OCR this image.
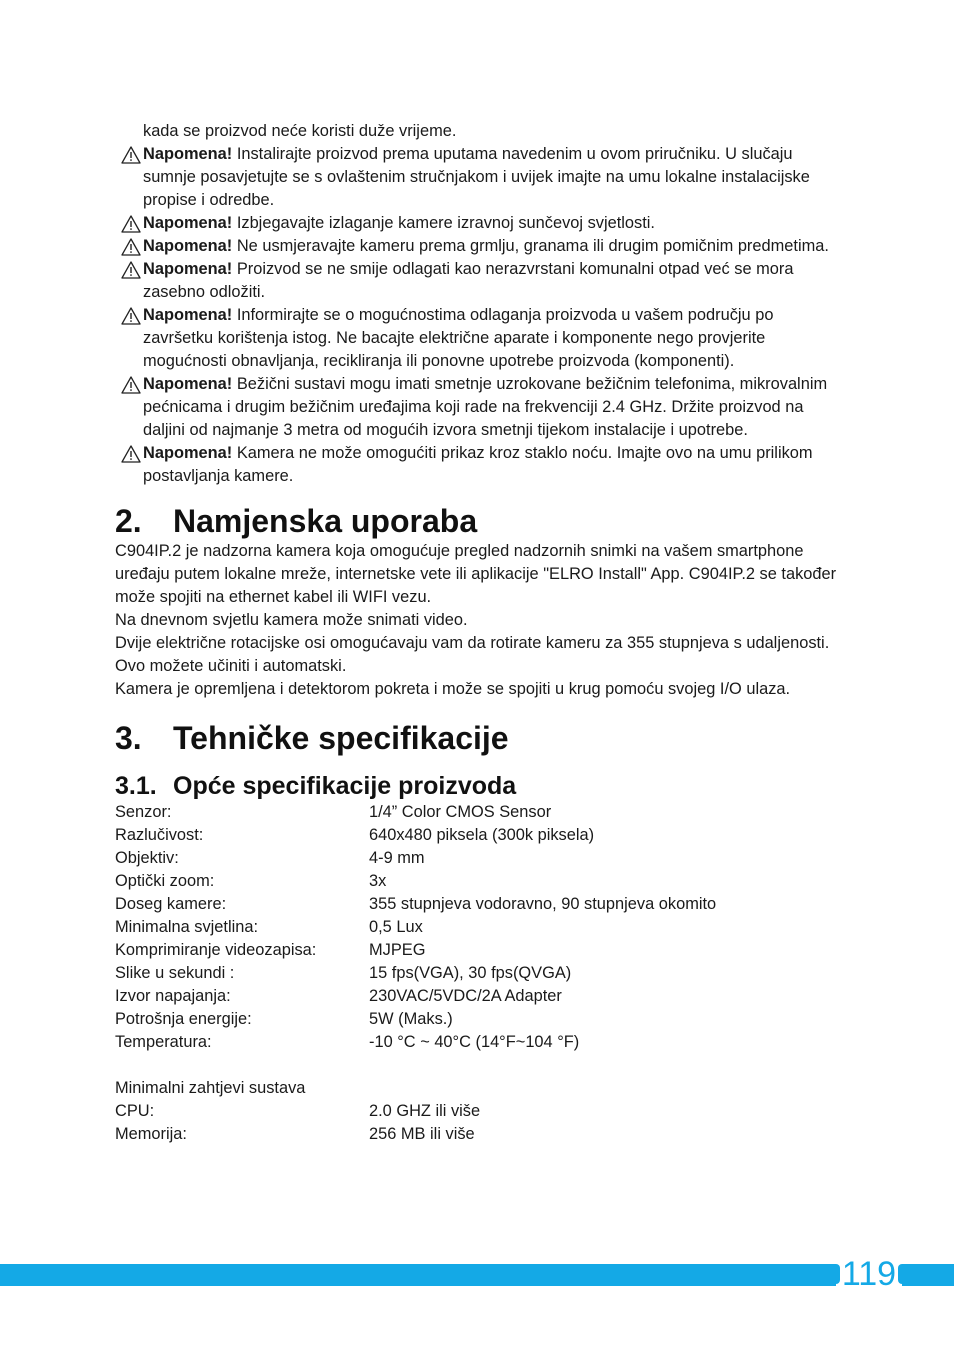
kada se proizvod neće koristi duže vrijeme.
Napomena! Instalirajte proizvod prema uputama navedenim u ovom priručniku. U slučaju sumnje posavjetujte se s ovlaštenim stručnjakom i uvijek imajte na umu lokalne instalacijske propise i odredbe.
Napomena! Izbjegavajte izlaganje kamere izravnoj sunčevoj svjetlosti.
Napomena! Ne usmjeravajte kameru prema grmlju, granama ili drugim pomičnim predmetima.
Napomena! Proizvod se ne smije odlagati kao nerazvrstani komunalni otpad već se mora zasebno odložiti.
Napomena! Informirajte se o mogućnostima odlaganja proizvoda u vašem području po završetku korištenja istog. Ne bacajte električne aparate i komponente nego provjerite mogućnosti obnavljanja, recikliranja ili ponovne upotrebe proizvoda (komponenti).
Napomena! Bežični sustavi mogu imati smetnje uzrokovane bežičnim telefonima, mikrovalnim pećnicama i drugim bežičnim uređajima koji rade na frekvenciji 2.4 GHz. Držite proizvod na daljini od najmanje 3 metra od mogućih izvora smetnji tijekom instalacije i upotrebe.
Napomena! Kamera ne može omogućiti prikaz kroz staklo noću. Imajte ovo na umu prilikom postavljanja kamere.
2. Namjenska uporaba

C904IP.2 je nadzorna kamera koja omogućuje pregled nadzornih snimki na vašem smartphone uređaju putem lokalne mreže, internetske vete ili aplikacije "ELRO Install" App. C904IP.2 se također može spojiti na ethernet kabel ili WIFI vezu.

Na dnevnom svjetlu kamera može snimati video.

Dvije električne rotacijske osi omogućavaju vam da rotirate kameru za 355 stupnjeva s udaljenosti. Ovo možete učiniti i automatski.

Kamera je opremljena i detektorom pokreta i može se spojiti u krug pomoću svojeg I/O ulaza.

3. Tehničke specifikacije
3.1. Opće specifikacije proizvoda
Senzor:	1/4” Color CMOS Sensor
Razlučivost:	640x480 piksela (300k piksela)
Objektiv:	4-9 mm
Optički zoom:	3x
Doseg kamere:	355 stupnjeva vodoravno, 90 stupnjeva okomito
Minimalna svjetlina:	0,5 Lux
Komprimiranje videozapisa:	MJPEG
Slike u sekundi :	15 fps(VGA), 30 fps(QVGA)
Izvor napajanja:	230VAC/5VDC/2A Adapter
Potrošnja energije:	5W (Maks.)
Temperatura:	-10 °C ~ 40°C (14°F~104 °F)
Minimalni zahtjevi sustava
CPU:	2.0 GHZ ili više
Memorija:	256 MB ili više
119
